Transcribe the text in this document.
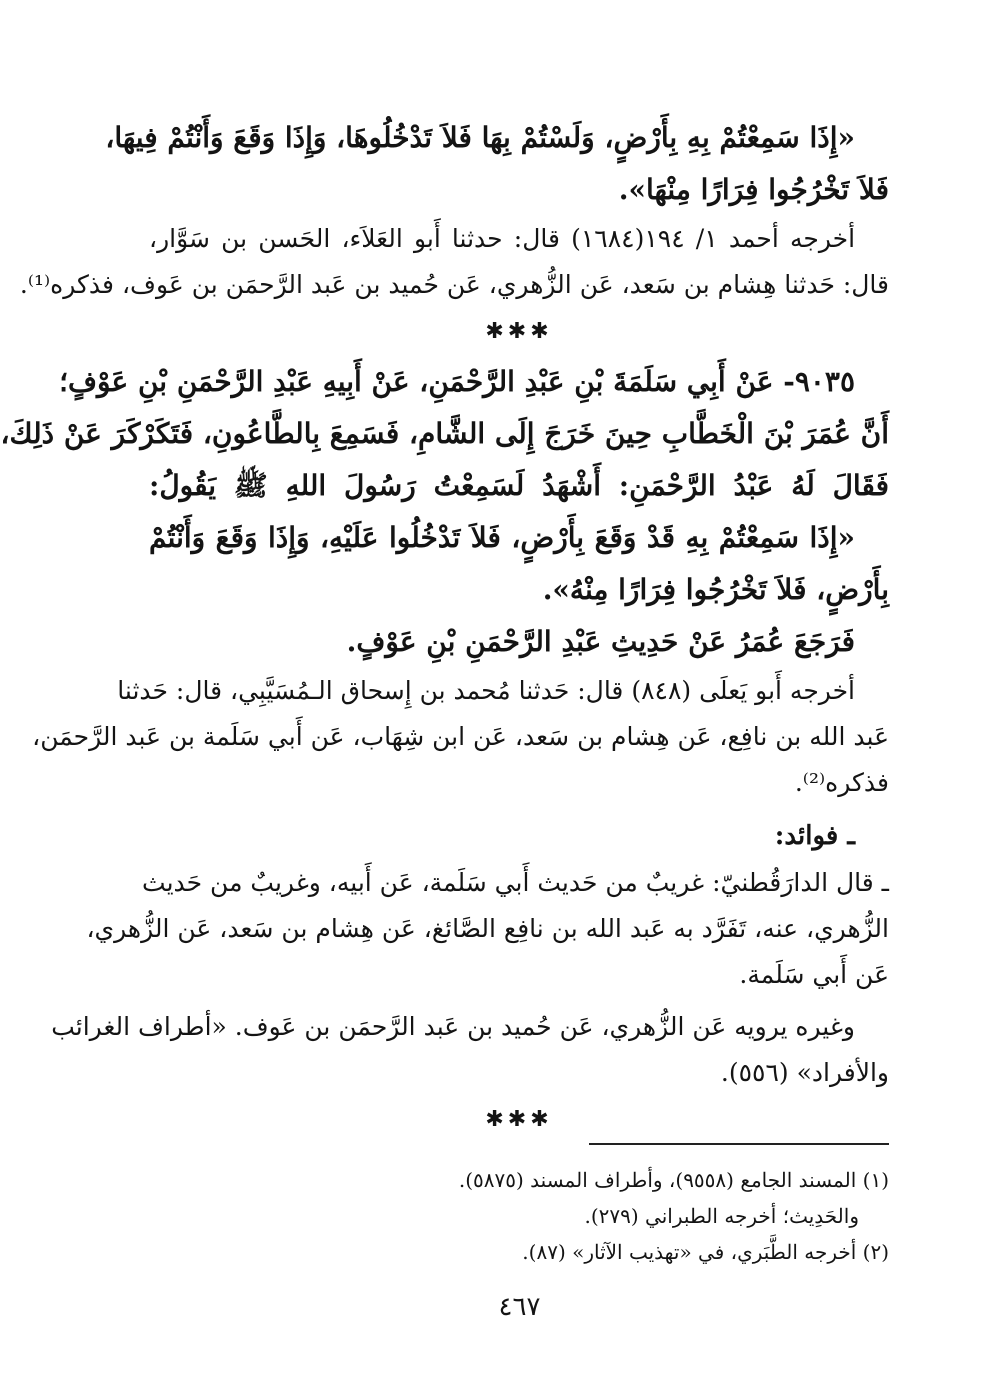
«إِذَا سَمِعْتُمْ بِهِ بِأَرْضٍ، وَلَسْتُمْ بِهَا فَلاَ تَدْخُلُوهَا، وَإِذَا وَقَعَ وَأَنْتُمْ فِيهَا،
فَلاَ تَخْرُجُوا فِرَارًا مِنْهَا».
أخرجه أحمد ١/ ١٩٤(١٦٨٤) قال: حدثنا أَبو العَلاَء، الحَسن بن سَوَّار،
قال: حَدثنا هِشام بن سَعد، عَن الزُّهري، عَن حُميد بن عَبد الرَّحمَن بن عَوف، فذكره⁽¹⁾.
✱✱✱
٩٠٣٥- عَنْ أَبِي سَلَمَةَ بْنِ عَبْدِ الرَّحْمَنِ، عَنْ أَبِيهِ عَبْدِ الرَّحْمَنِ بْنِ عَوْفٍ؛
أَنَّ عُمَرَ بْنَ الْخَطَّابِ حِينَ خَرَجَ إِلَى الشَّامِ، فَسَمِعَ بِالطَّاعُونِ، فَتَكَرْكَرَ عَنْ ذَلِكَ،
فَقَالَ لَهُ عَبْدُ الرَّحْمَنِ: أَشْهَدُ لَسَمِعْتُ رَسُولَ اللهِ ﷺ يَقُولُ:
«إِذَا سَمِعْتُمْ بِهِ قَدْ وَقَعَ بِأَرْضٍ، فَلاَ تَدْخُلُوا عَلَيْهِ، وَإِذَا وَقَعَ وَأَنْتُمْ
بِأَرْضٍ، فَلاَ تَخْرُجُوا فِرَارًا مِنْهُ».
فَرَجَعَ عُمَرُ عَنْ حَدِيثِ عَبْدِ الرَّحْمَنِ بْنِ عَوْفٍ.
أخرجه أَبو يَعلَى (٨٤٨) قال: حَدثنا مُحمد بن إِسحاق الـمُسَيَّبِي، قال: حَدثنا
عَبد الله بن نافِع، عَن هِشام بن سَعد، عَن ابن شِهَاب، عَن أَبي سَلَمة بن عَبد الرَّحمَن،
فذكره⁽²⁾.
ـ فوائد:
ـ قال الدارَقُطنيّ: غريبٌ من حَديث أَبي سَلَمة، عَن أَبيه، وغريبٌ من حَديث
الزُّهري، عنه، تَفَرَّد به عَبد الله بن نافِع الصَّائغ، عَن هِشام بن سَعد، عَن الزُّهري،
عَن أَبي سَلَمة.
وغيره يرويه عَن الزُّهري، عَن حُميد بن عَبد الرَّحمَن بن عَوف. «أطراف الغرائب
والأفراد» (٥٥٦).
✱✱✱
(١) المسند الجامع (٩٥٥٨)، وأطراف المسند (٥٨٧٥).
والحَدِيث؛ أخرجه الطبراني (٢٧٩).
(٢) أخرجه الطَّبَري، في «تهذيب الآثار» (٨٧).
٤٦٧
